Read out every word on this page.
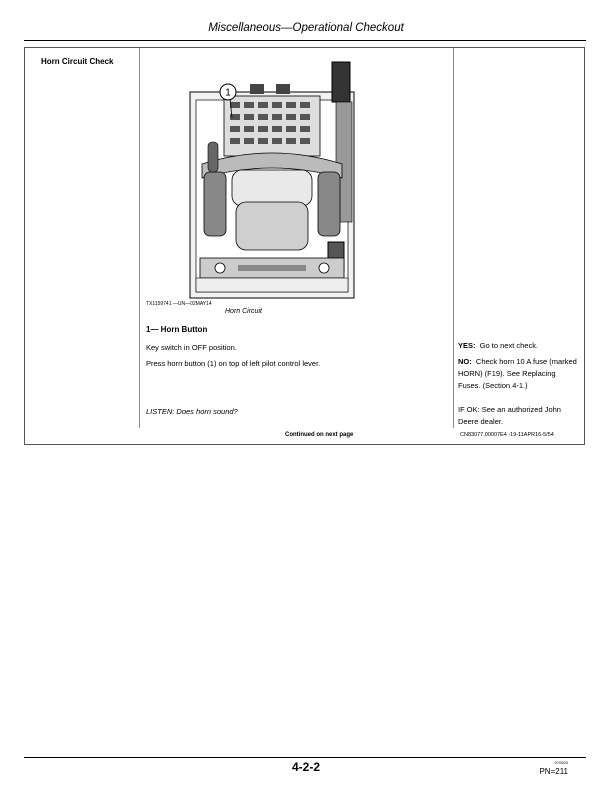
Miscellaneous—Operational Checkout
Horn Circuit Check
1
TX1159741 —UN—02MAY14
Horn Circuit
1— Horn Button
Key switch in OFF position.
Press horn button (1) on top of left pilot control lever.
LISTEN: Does horn sound?
YES: Go to next check.
NO: Check horn 10 A fuse (marked HORN) (F19). See Replacing Fuses. (Section 4-1.)
IF OK: See an authorized John Deere dealer.
Continued on next page	CN83077,00007E4 -19-11APR16-5/54
4-2-2	070520
PN=211
